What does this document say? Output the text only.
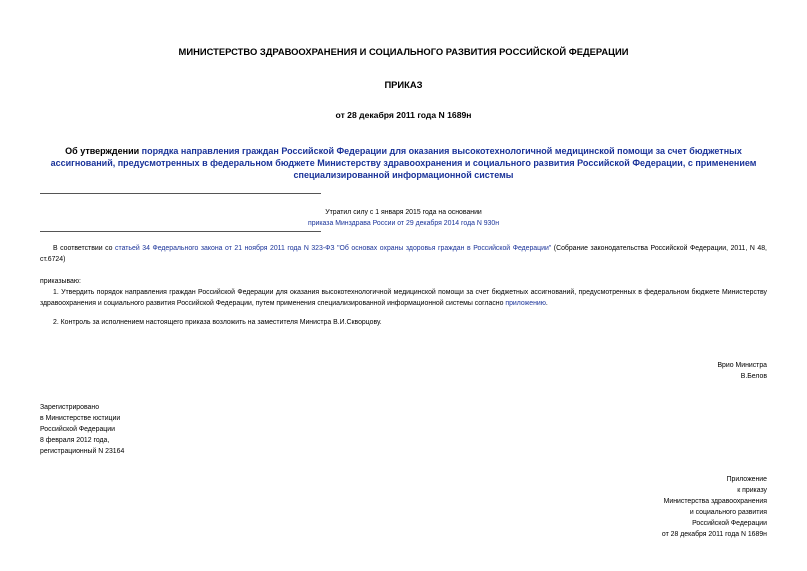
МИНИСТЕРСТВО ЗДРАВООХРАНЕНИЯ И СОЦИАЛЬНОГО РАЗВИТИЯ РОССИЙСКОЙ ФЕДЕРАЦИИ
ПРИКАЗ
от 28 декабря 2011 года N 1689н
Об утверждении порядка направления граждан Российской Федерации для оказания высокотехнологичной медицинской помощи за счет бюджетных ассигнований, предусмотренных в федеральном бюджете Министерству здравоохранения и социального развития Российской Федерации, с применением специализированной информационной системы
Утратил силу с 1 января 2015 года на основании
приказа Минздрава России от 29 декабря 2014 года N 930н
В соответствии со статьей 34 Федерального закона от 21 ноября 2011 года N 323-ФЗ "Об основах охраны здоровья граждан в Российской Федерации" (Собрание законодательства Российской Федерации, 2011, N 48, ст.6724)
приказываю:
1. Утвердить порядок направления граждан Российской Федерации для оказания высокотехнологичной медицинской помощи за счет бюджетных ассигнований, предусмотренных в федеральном бюджете Министерству здравоохранения и социального развития Российской Федерации, путем применения специализированной информационной системы согласно приложению.
2. Контроль за исполнением настоящего приказа возложить на заместителя Министра В.И.Скворцову.
Врио Министра
В.Белов
Зарегистрировано
в Министерстве юстиции
Российской Федерации
8 февраля 2012 года,
регистрационный N 23164
Приложение
к приказу
Министерства здравоохранения
и социального развития
Российской Федерации
от 28 декабря 2011 года N 1689н
